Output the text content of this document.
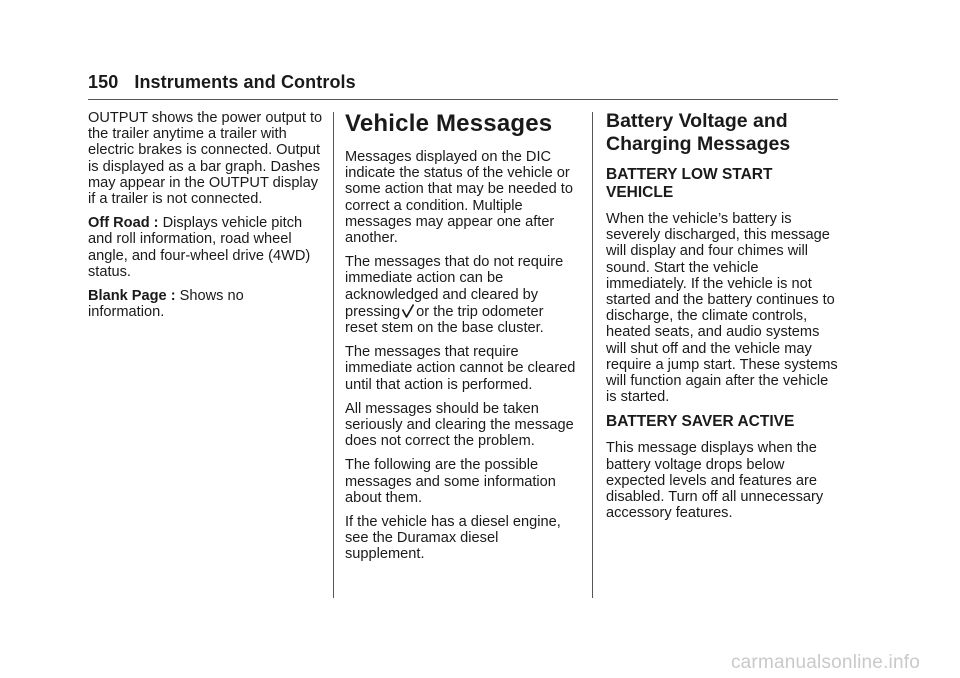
150 Instruments and Controls

OUTPUT shows the power output to the trailer anytime a trailer with electric brakes is connected. Output is displayed as a bar graph. Dashes may appear in the OUTPUT display if a trailer is not connected.

Off Road : Displays vehicle pitch and roll information, road wheel angle, and four-wheel drive (4WD) status.

Blank Page : Shows no information.

Vehicle Messages

Messages displayed on the DIC indicate the status of the vehicle or some action that may be needed to correct a condition. Multiple messages may appear one after another.

The messages that do not require immediate action can be acknowledged and cleared by pressing or the trip odometer reset stem on the base cluster.

The messages that require immediate action cannot be cleared until that action is performed.

All messages should be taken seriously and clearing the message does not correct the problem.

The following are the possible messages and some information about them.

If the vehicle has a diesel engine, see the Duramax diesel supplement.

Battery Voltage and Charging Messages
BATTERY LOW START VEHICLE

When the vehicle’s battery is severely discharged, this message will display and four chimes will sound. Start the vehicle immediately. If the vehicle is not started and the battery continues to discharge, the climate controls, heated seats, and audio systems will shut off and the vehicle may require a jump start. These systems will function again after the vehicle is started.

BATTERY SAVER ACTIVE

This message displays when the battery voltage drops below expected levels and features are disabled. Turn off all unnecessary accessory features.

carmanualsonline.info
